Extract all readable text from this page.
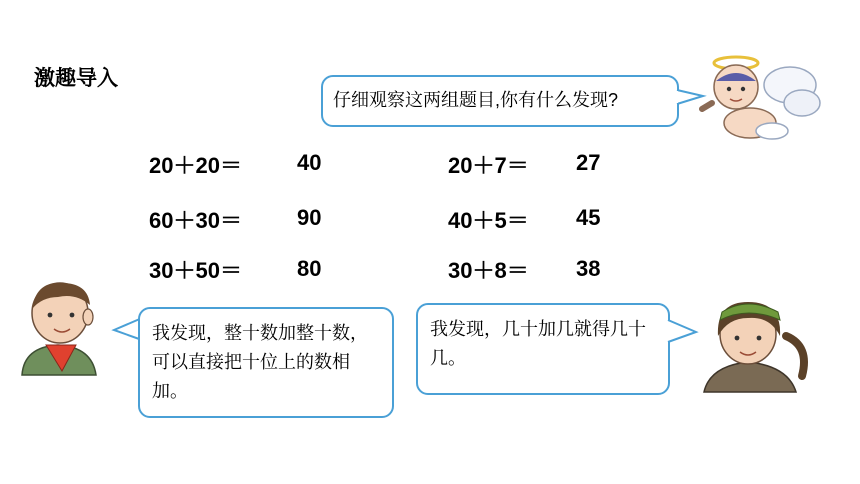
激趣导入
仔细观察这两组题目,你有什么发现?
20＋20＝	40
60＋30＝	90
30＋50＝	80
20＋7＝ 27
40＋5＝ 45
30＋8＝ 38
我发现，整十数加整十数，可以直接把十位上的数相加。
我发现，几十加几就得几十几。
